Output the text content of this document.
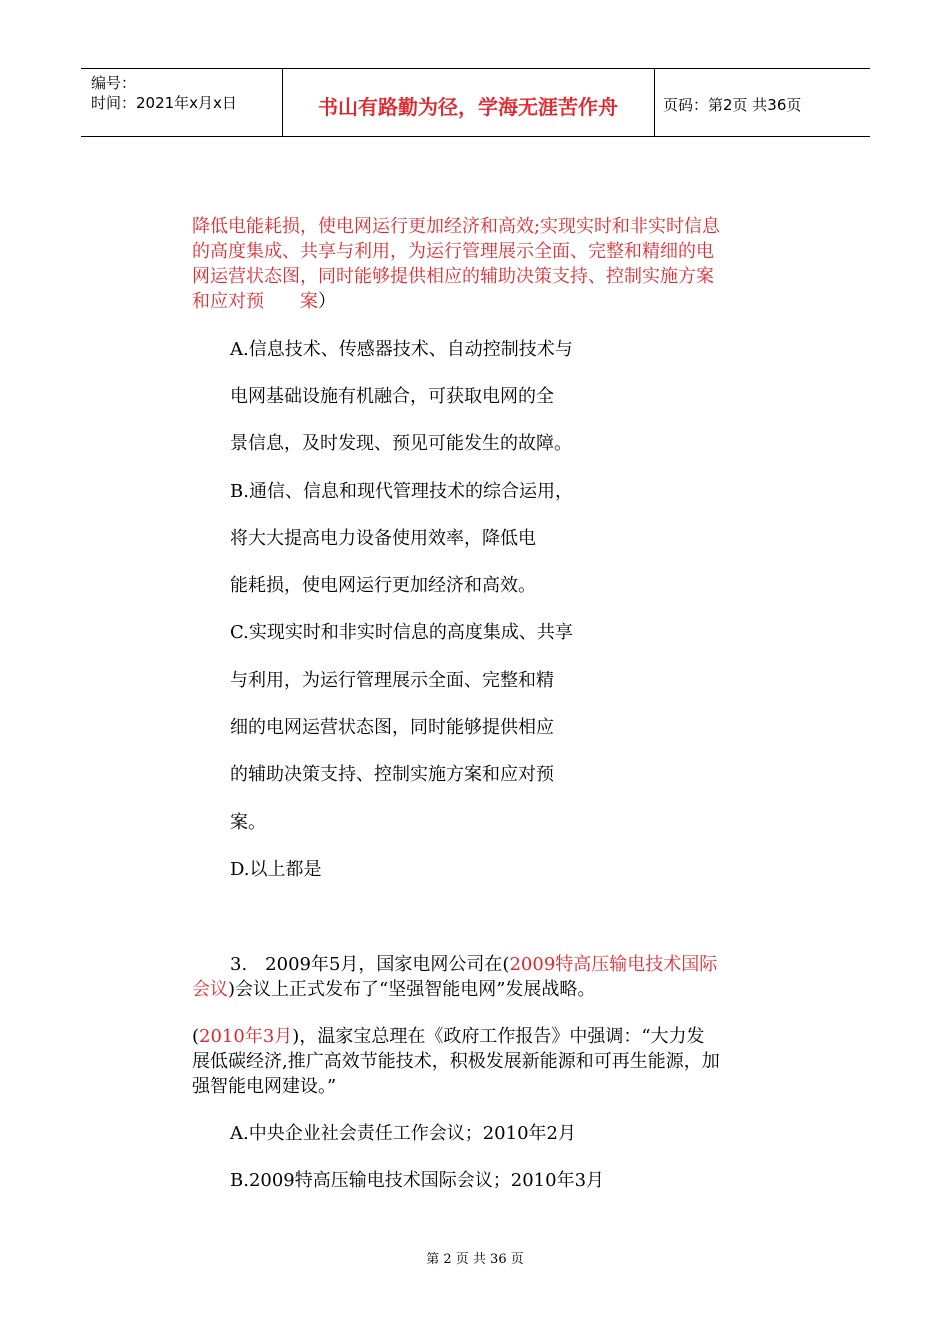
编号：
时间：2021年x月x日	书山有路勤为径，学海无涯苦作舟	页码：第2页 共36页
降低电能耗损，使电网运行更加经济和高效;实现实时和非实时信息
的高度集成、共享与利用，为运行管理展示全面、完整和精细的电
网运营状态图，同时能够提供相应的辅助决策支持、控制实施方案
和应对预　　案）
A.信息技术、传感器技术、自动控制技术与
电网基础设施有机融合，可获取电网的全
景信息，及时发现、预见可能发生的故障。
B.通信、信息和现代管理技术的综合运用，
将大大提高电力设备使用效率，降低电
能耗损，使电网运行更加经济和高效。
C.实现实时和非实时信息的高度集成、共享
与利用，为运行管理展示全面、完整和精
细的电网运营状态图，同时能够提供相应
的辅助决策支持、控制实施方案和应对预
案。
D.以上都是
3.　2009年5月，国家电网公司在(2009特高压输电技术国际
会议)会议上正式发布了“坚强智能电网”发展战略。
(2010年3月)，温家宝总理在《政府工作报告》中强调：“大力发
展低碳经济,推广高效节能技术，积极发展新能源和可再生能源，加
强智能电网建设。”
A.中央企业社会责任工作会议；2010年2月
B.2009特高压输电技术国际会议；2010年3月
第 2 页 共 36 页
